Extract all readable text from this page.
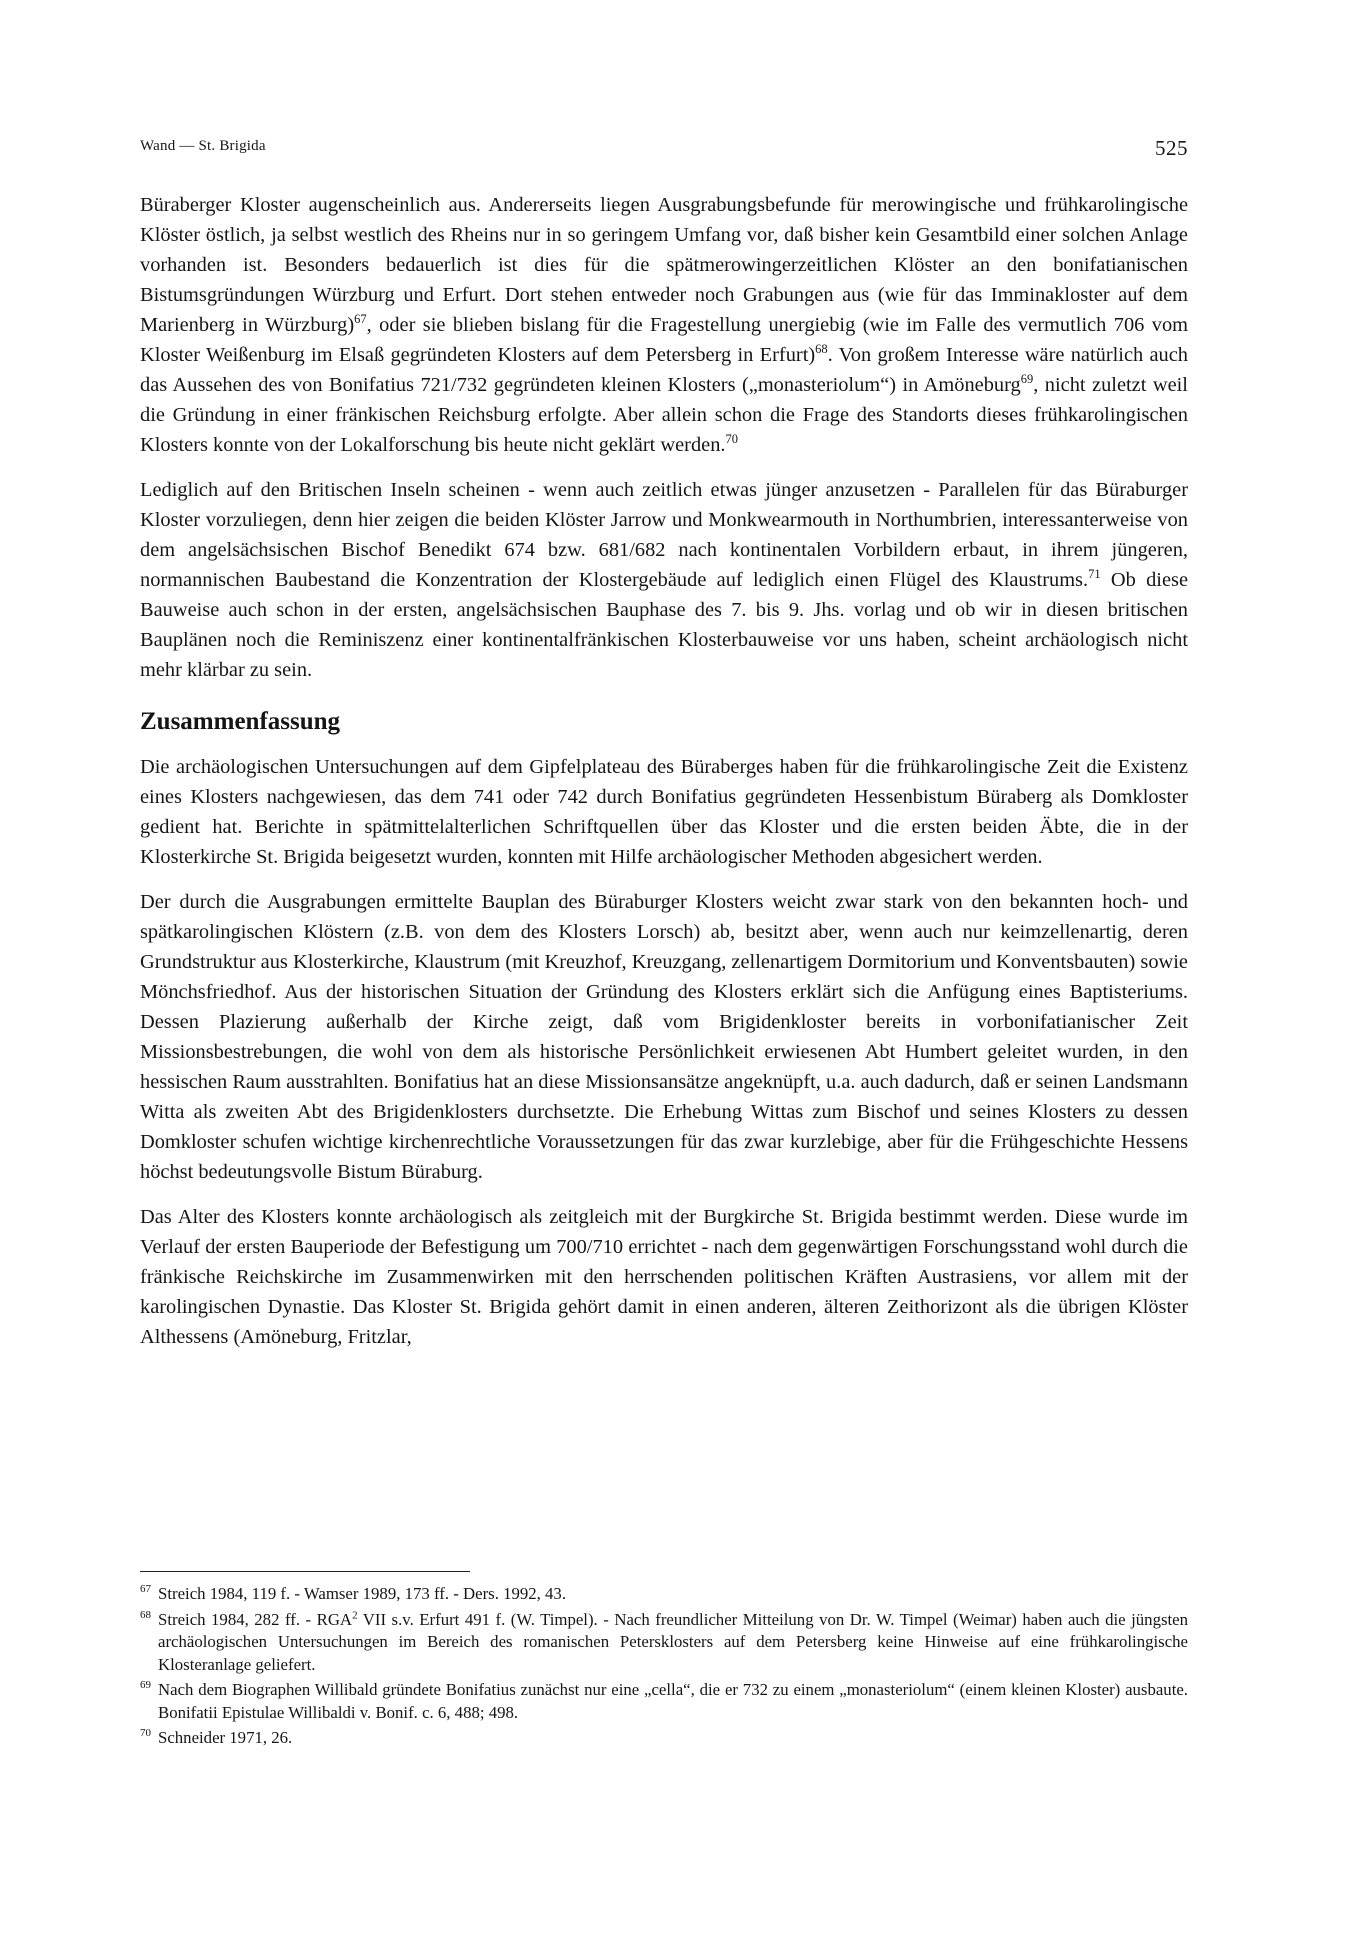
Wand — St. Brigida	525

Büraberger Kloster augenscheinlich aus. Andererseits liegen Ausgrabungsbefunde für merowingische und frühkarolingische Klöster östlich, ja selbst westlich des Rheins nur in so geringem Umfang vor, daß bisher kein Gesamtbild einer solchen Anlage vorhanden ist. Besonders bedauerlich ist dies für die spätmerowingerzeitlichen Klöster an den bonifatianischen Bistumsgründungen Würzburg und Erfurt. Dort stehen entweder noch Grabungen aus (wie für das Imminakloster auf dem Marienberg in Würzburg)$^{67}$, oder sie blieben bislang für die Fragestellung unergiebig (wie im Falle des vermutlich 706 vom Kloster Weißenburg im Elsaß gegründeten Klosters auf dem Petersberg in Erfurt)$^{68}$. Von großem Interesse wäre natürlich auch das Aussehen des von Bonifatius 721/732 gegründeten kleinen Klosters („monasteriolum“) in Amöneburg$^{69}$, nicht zuletzt weil die Gründung in einer fränkischen Reichsburg erfolgte. Aber allein schon die Frage des Standorts dieses frühkarolingischen Klosters konnte von der Lokalforschung bis heute nicht geklärt werden.$^{70}$

Lediglich auf den Britischen Inseln scheinen - wenn auch zeitlich etwas jünger anzusetzen - Parallelen für das Büraburger Kloster vorzuliegen, denn hier zeigen die beiden Klöster Jarrow und Monkwearmouth in Northumbrien, interessanterweise von dem angelsächsischen Bischof Benedikt 674 bzw. 681/682 nach kontinentalen Vorbildern erbaut, in ihrem jüngeren, normannischen Baubestand die Konzentration der Klostergebäude auf lediglich einen Flügel des Klaustrums.$^{71}$ Ob diese Bauweise auch schon in der ersten, angelsächsischen Bauphase des 7. bis 9. Jhs. vorlag und ob wir in diesen britischen Bauplänen noch die Reminiszenz einer kontinentalfränkischen Klosterbauweise vor uns haben, scheint archäologisch nicht mehr klärbar zu sein.

Zusammenfassung

Die archäologischen Untersuchungen auf dem Gipfelplateau des Büraberges haben für die frühkarolingische Zeit die Existenz eines Klosters nachgewiesen, das dem 741 oder 742 durch Bonifatius gegründeten Hessenbistum Büraberg als Domkloster gedient hat. Berichte in spätmittelalterlichen Schriftquellen über das Kloster und die ersten beiden Äbte, die in der Klosterkirche St. Brigida beigesetzt wurden, konnten mit Hilfe archäologischer Methoden abgesichert werden.

Der durch die Ausgrabungen ermittelte Bauplan des Büraburger Klosters weicht zwar stark von den bekannten hoch- und spätkarolingischen Klöstern (z.B. von dem des Klosters Lorsch) ab, besitzt aber, wenn auch nur keimzellenartig, deren Grundstruktur aus Klosterkirche, Klaustrum (mit Kreuzhof, Kreuzgang, zellenartigem Dormitorium und Konventsbauten) sowie Mönchsfriedhof. Aus der historischen Situation der Gründung des Klosters erklärt sich die Anfügung eines Baptisteriums. Dessen Plazierung außerhalb der Kirche zeigt, daß vom Brigidenkloster bereits in vorbonifatianischer Zeit Missionsbestrebungen, die wohl von dem als historische Persönlichkeit erwiesenen Abt Humbert geleitet wurden, in den hessischen Raum ausstrahlten. Bonifatius hat an diese Missionsansätze angeknüpft, u.a. auch dadurch, daß er seinen Landsmann Witta als zweiten Abt des Brigidenklosters durchsetzte. Die Erhebung Wittas zum Bischof und seines Klosters zu dessen Domkloster schufen wichtige kirchenrechtliche Voraussetzungen für das zwar kurzlebige, aber für die Frühgeschichte Hessens höchst bedeutungsvolle Bistum Büraburg.

Das Alter des Klosters konnte archäologisch als zeitgleich mit der Burgkirche St. Brigida bestimmt werden. Diese wurde im Verlauf der ersten Bauperiode der Befestigung um 700/710 errichtet - nach dem gegenwärtigen Forschungsstand wohl durch die fränkische Reichskirche im Zusammenwirken mit den herrschenden politischen Kräften Austrasiens, vor allem mit der karolingischen Dynastie. Das Kloster St. Brigida gehört damit in einen anderen, älteren Zeithorizont als die übrigen Klöster Althessens (Amöneburg, Fritzlar,

67 Streich 1984, 119 f. - Wamser 1989, 173 ff. - Ders. 1992, 43.

68 Streich 1984, 282 ff. - RGA$^2$ VII s.v. Erfurt 491 f. (W. Timpel). - Nach freundlicher Mitteilung von Dr. W. Timpel (Weimar) haben auch die jüngsten archäologischen Untersuchungen im Bereich des romanischen Petersklosters auf dem Petersberg keine Hinweise auf eine frühkarolingische Klosteranlage geliefert.

69 Nach dem Biographen Willibald gründete Bonifatius zunächst nur eine „cella“, die er 732 zu einem „monasteriolum“ (einem kleinen Kloster) ausbaute. Bonifatii Epistulae Willibaldi v. Bonif. c. 6, 488; 498.

70 Schneider 1971, 26.
